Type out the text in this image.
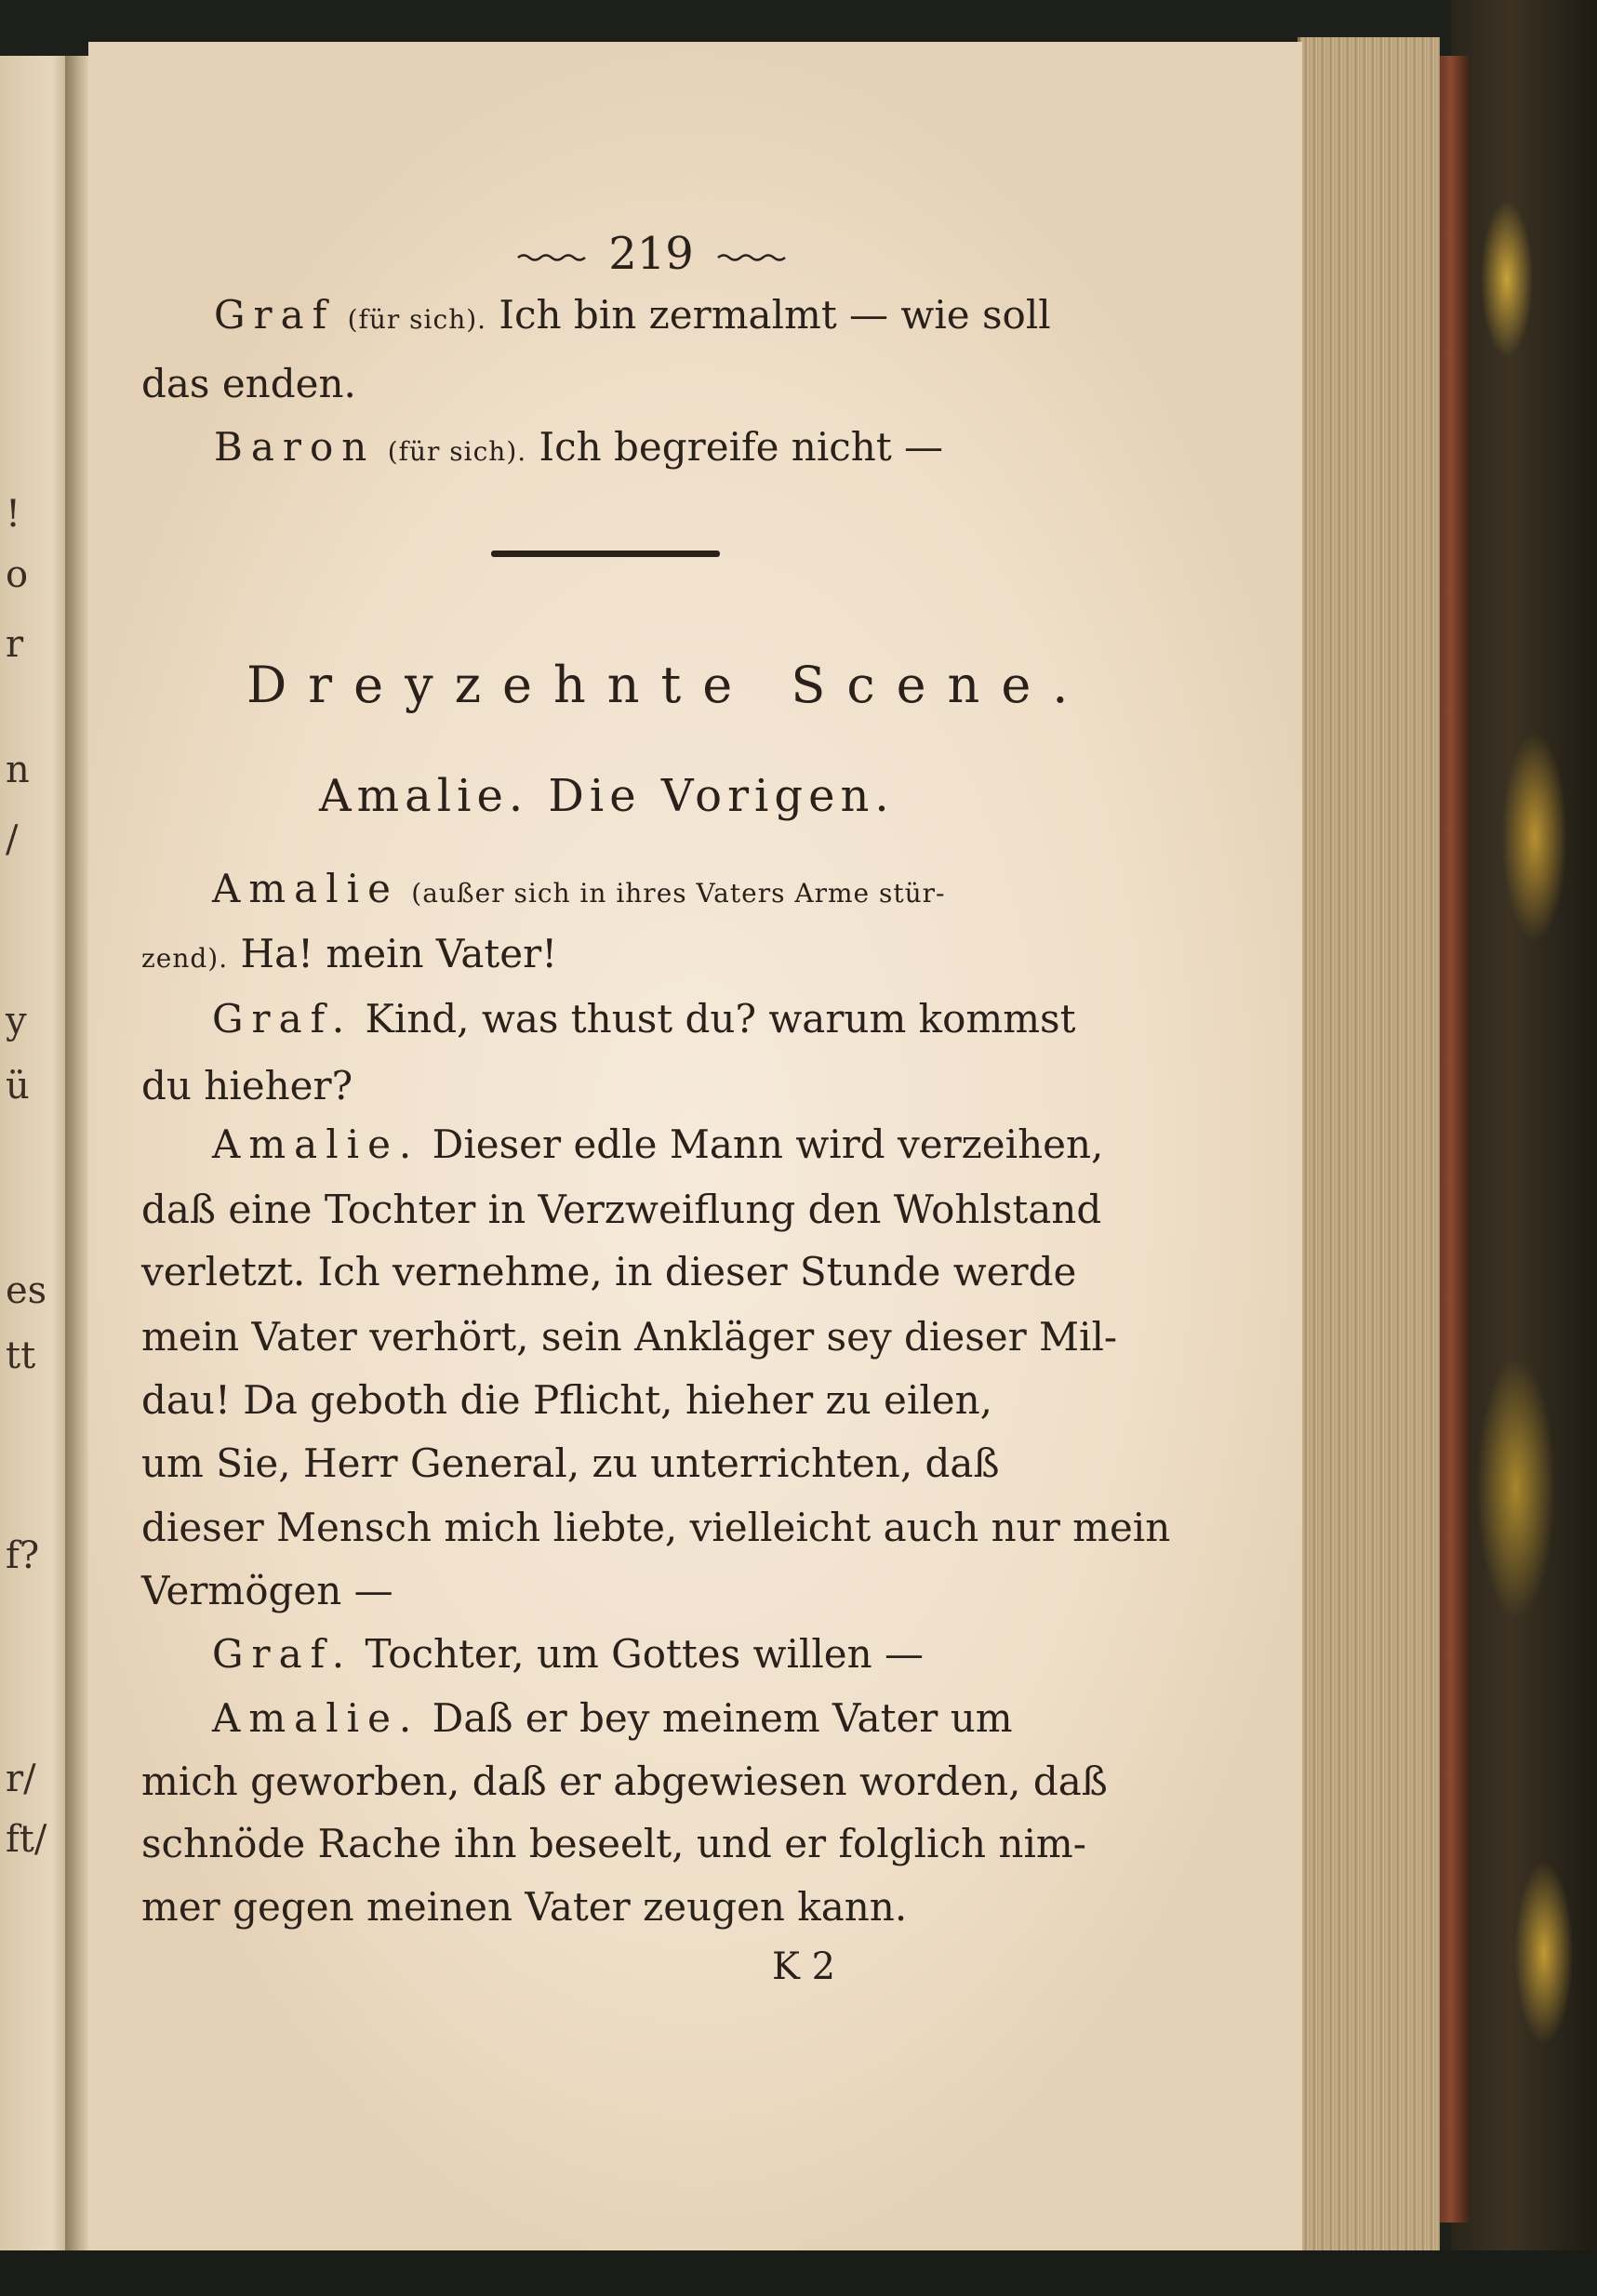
!
o
r
n
/
y
ü
es
tt
f?
r/
ft/
219
Graf (für sich). Ich bin zermalmt — wie soll
das enden.
Baron (für sich). Ich begreife nicht —
Dreyzehnte Scene.
Amalie. Die Vorigen.
Amalie (außer sich in ihres Vaters Arme stür-
zend). Ha! mein Vater!
Graf. Kind, was thust du? warum kommst
du hieher?
Amalie. Dieser edle Mann wird verzeihen,
daß eine Tochter in Verzweiflung den Wohlstand
verletzt. Ich vernehme, in dieser Stunde werde
mein Vater verhört, sein Ankläger sey dieser Mil-
dau! Da geboth die Pflicht, hieher zu eilen,
um Sie, Herr General, zu unterrichten, daß
dieser Mensch mich liebte, vielleicht auch nur mein
Vermögen —
Graf. Tochter, um Gottes willen —
Amalie. Daß er bey meinem Vater um
mich geworben, daß er abgewiesen worden, daß
schnöde Rache ihn beseelt, und er folglich nim-
mer gegen meinen Vater zeugen kann.
K 2
